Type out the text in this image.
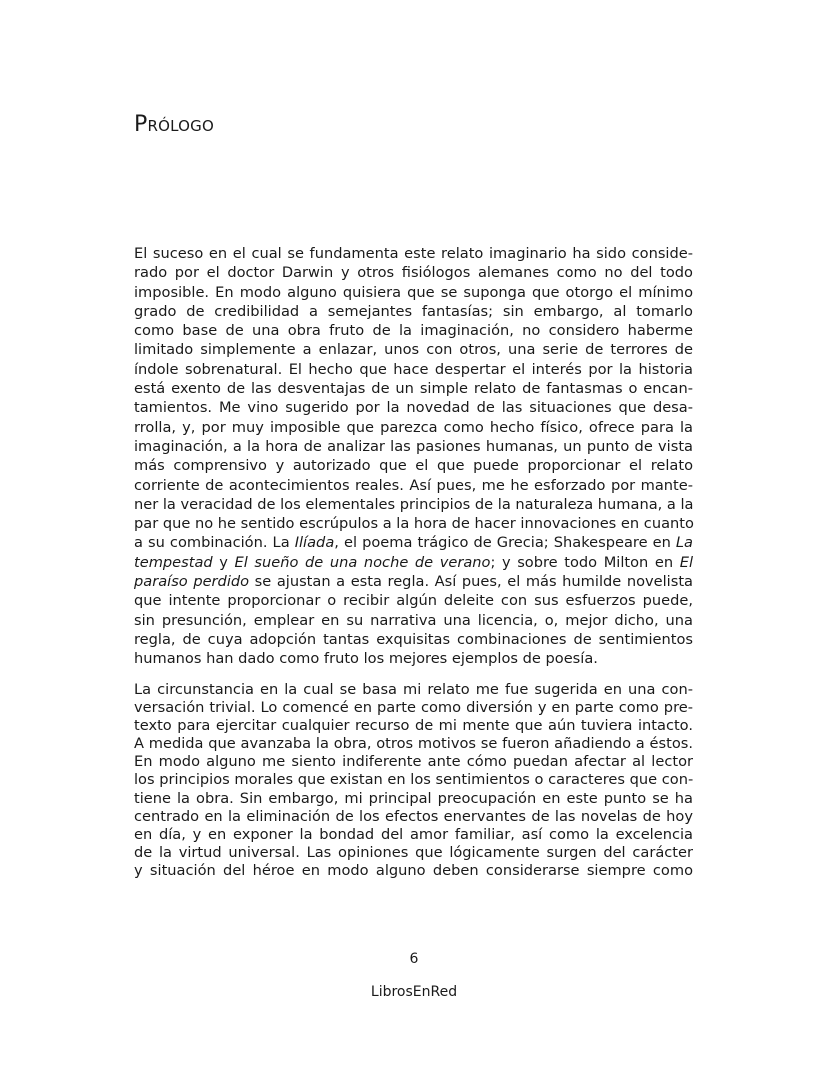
Prólogo
El suceso en el cual se fundamenta este relato imaginario ha sido conside-
rado por el doctor Darwin y otros fisiólogos alemanes como no del todo
imposible. En modo alguno quisiera que se suponga que otorgo el mínimo
grado de credibilidad a semejantes fantasías; sin embargo, al tomarlo
como base de una obra fruto de la imaginación, no considero haberme
limitado simplemente a enlazar, unos con otros, una serie de terrores de
índole sobrenatural. El hecho que hace despertar el interés por la historia
está exento de las desventajas de un simple relato de fantasmas o encan-
tamientos. Me vino sugerido por la novedad de las situaciones que desa-
rrolla, y, por muy imposible que parezca como hecho físico, ofrece para la
imaginación, a la hora de analizar las pasiones humanas, un punto de vista
más comprensivo y autorizado que el que puede proporcionar el relato
corriente de acontecimientos reales. Así pues, me he esforzado por mante-
ner la veracidad de los elementales principios de la naturaleza humana, a la
par que no he sentido escrúpulos a la hora de hacer innovaciones en cuanto
a su combinación. La Ilíada, el poema trágico de Grecia; Shakespeare en La
tempestad y El sueño de una noche de verano; y sobre todo Milton en El
paraíso perdido se ajustan a esta regla. Así pues, el más humilde novelista
que intente proporcionar o recibir algún deleite con sus esfuerzos puede,
sin presunción, emplear en su narrativa una licencia, o, mejor dicho, una
regla, de cuya adopción tantas exquisitas combinaciones de sentimientos
humanos han dado como fruto los mejores ejemplos de poesía.
La circunstancia en la cual se basa mi relato me fue sugerida en una con-
versación trivial. Lo comencé en parte como diversión y en parte como pre-
texto para ejercitar cualquier recurso de mi mente que aún tuviera intacto.
A medida que avanzaba la obra, otros motivos se fueron añadiendo a éstos.
En modo alguno me siento indiferente ante cómo puedan afectar al lector
los principios morales que existan en los sentimientos o caracteres que con-
tiene la obra. Sin embargo, mi principal preocupación en este punto se ha
centrado en la eliminación de los efectos enervantes de las novelas de hoy
en día, y en exponer la bondad del amor familiar, así como la excelencia
de la virtud universal. Las opiniones que lógicamente surgen del carácter
y situación del héroe en modo alguno deben considerarse siempre como
6
LibrosEnRed
